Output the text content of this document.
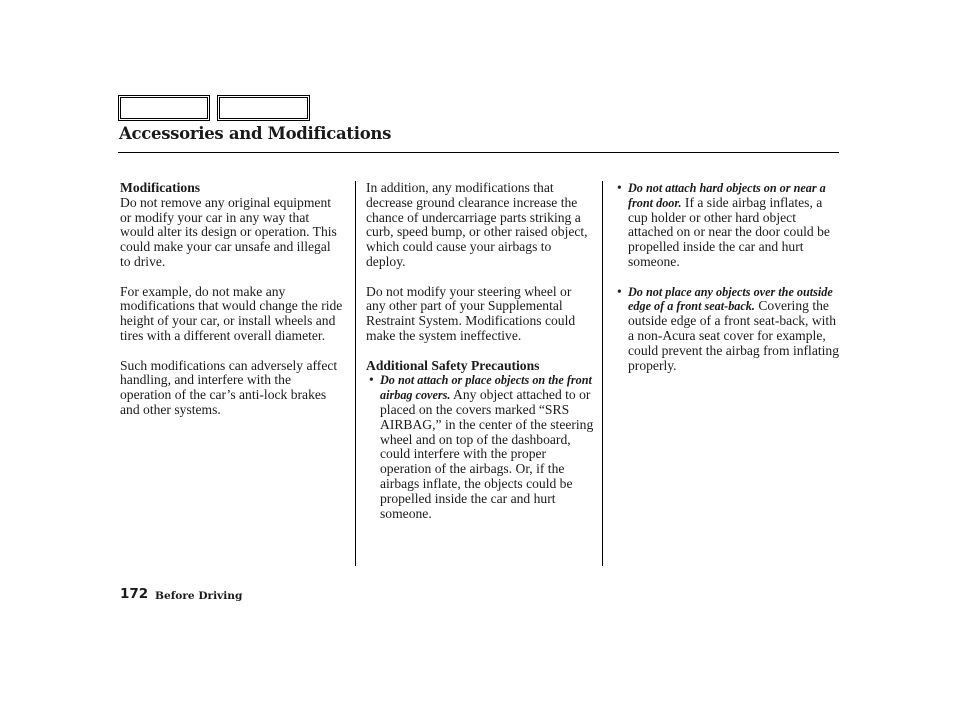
Accessories and Modifications
Modifications

Do not remove any original equipment or modify your car in any way that would alter its design or operation. This could make your car unsafe and illegal to drive.

For example, do not make any modifications that would change the ride height of your car, or install wheels and tires with a different overall diameter.

Such modifications can adversely affect handling, and interfere with the operation of the car’s anti-lock brakes and other systems.

In addition, any modifications that decrease ground clearance increase the chance of undercarriage parts striking a curb, speed bump, or other raised object, which could cause your airbags to deploy.

Do not modify your steering wheel or any other part of your Supplemental Restraint System. Modifications could make the system ineffective.

Additional Safety Precautions
• Do not attach or place objects on the front airbag covers. Any object attached to or placed on the covers marked “SRS AIRBAG,” in the center of the steering wheel and on top of the dashboard, could interfere with the proper operation of the airbags. Or, if the airbags inflate, the objects could be propelled inside the car and hurt someone.
• Do not attach hard objects on or near a front door. If a side airbag inflates, a cup holder or other hard object attached on or near the door could be propelled inside the car and hurt someone.
• Do not place any objects over the outside edge of a front seat-back. Covering the outside edge of a front seat-back, with a non-Acura seat cover for example, could prevent the airbag from inflating properly.
172 Before Driving
